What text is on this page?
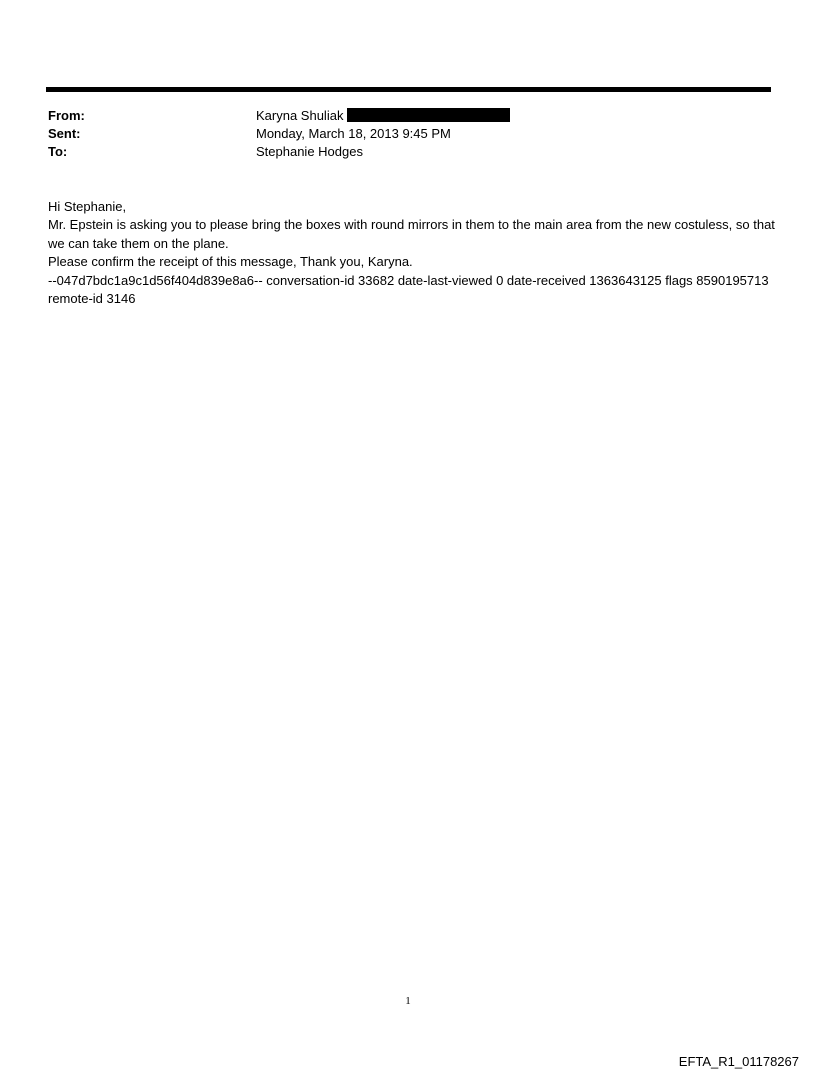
From:	Karyna Shuliak
Sent:	Monday, March 18, 2013 9:45 PM
To:	Stephanie Hodges

Hi Stephanie,

Mr. Epstein is asking you to please bring the boxes with round mirrors in them to the main area from the new costuless, so that we can take them on the plane.

Please confirm the receipt of this message, Thank you, Karyna.

--047d7bdc1a9c1d56f404d839e8a6-- conversation-id 33682 date-last-viewed 0 date-received 1363643125 flags 8590195713 remote-id 3146

1
EFTA_R1_01178267
